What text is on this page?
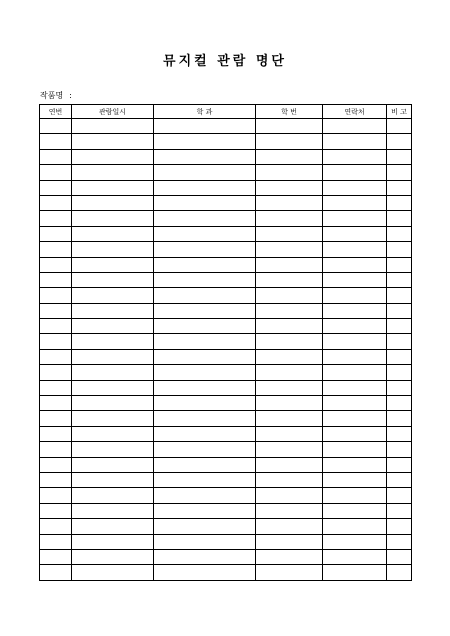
뮤지컬 관람 명단
작품명 :
연번	관람일시	학 과	학 번	연락처	비 고
